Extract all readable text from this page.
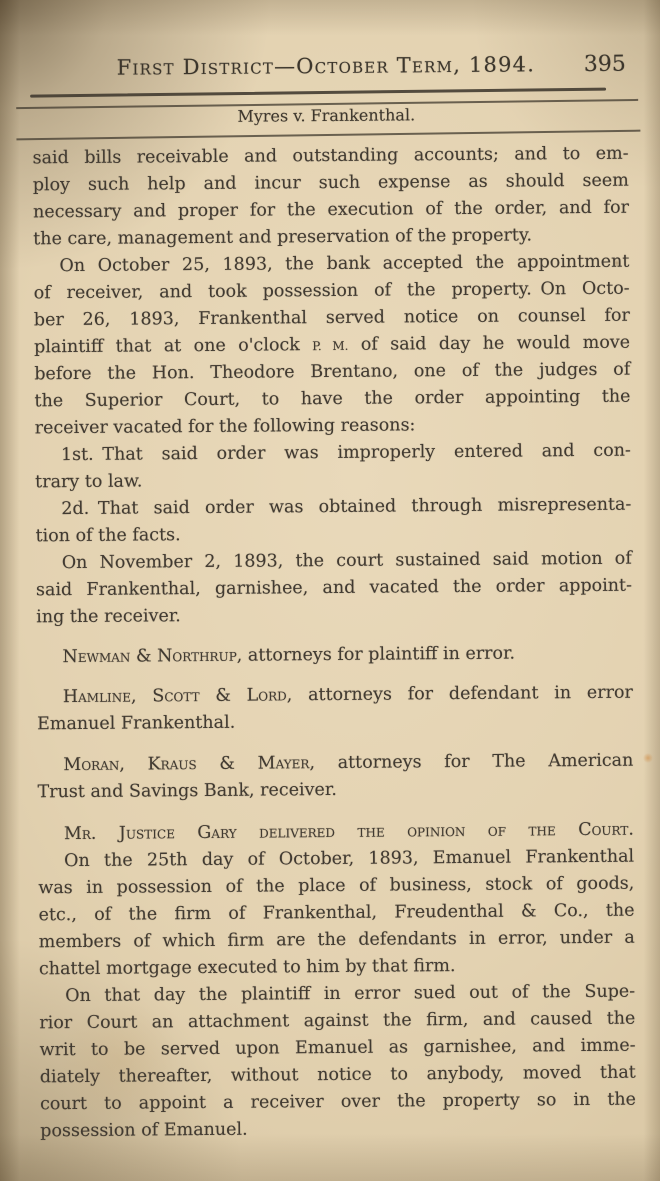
First District—October Term, 1894.	395
Myres v. Frankenthal.
said bills receivable and outstanding accounts; and to em-
ploy such help and incur such expense as should seem
necessary and proper for the execution of the order, and for
the care, management and preservation of the property.
On October 25, 1893, the bank accepted the appointment
of receiver, and took possession of the property. On Octo-
ber 26, 1893, Frankenthal served notice on counsel for
plaintiff that at one o'clock P. M. of said day he would move
before the Hon. Theodore Brentano, one of the judges of
the Superior Court, to have the order appointing the
receiver vacated for the following reasons:
1st. That said order was improperly entered and con-
trary to law.
2d. That said order was obtained through misrepresenta-
tion of the facts.
On November 2, 1893, the court sustained said motion of
said Frankenthal, garnishee, and vacated the order appoint-
ing the receiver.
Newman & Northrup, attorneys for plaintiff in error.
Hamline, Scott & Lord, attorneys for defendant in error
Emanuel Frankenthal.
Moran, Kraus & Mayer, attorneys for The American
Trust and Savings Bank, receiver.
Mr. Justice Gary delivered the opinion of the Court.
On the 25th day of October, 1893, Emanuel Frankenthal
was in possession of the place of business, stock of goods,
etc., of the firm of Frankenthal, Freudenthal & Co., the
members of which firm are the defendants in error, under a
chattel mortgage executed to him by that firm.
On that day the plaintiff in error sued out of the Supe-
rior Court an attachment against the firm, and caused the
writ to be served upon Emanuel as garnishee, and imme-
diately thereafter, without notice to anybody, moved that
court to appoint a receiver over the property so in the
possession of Emanuel.
